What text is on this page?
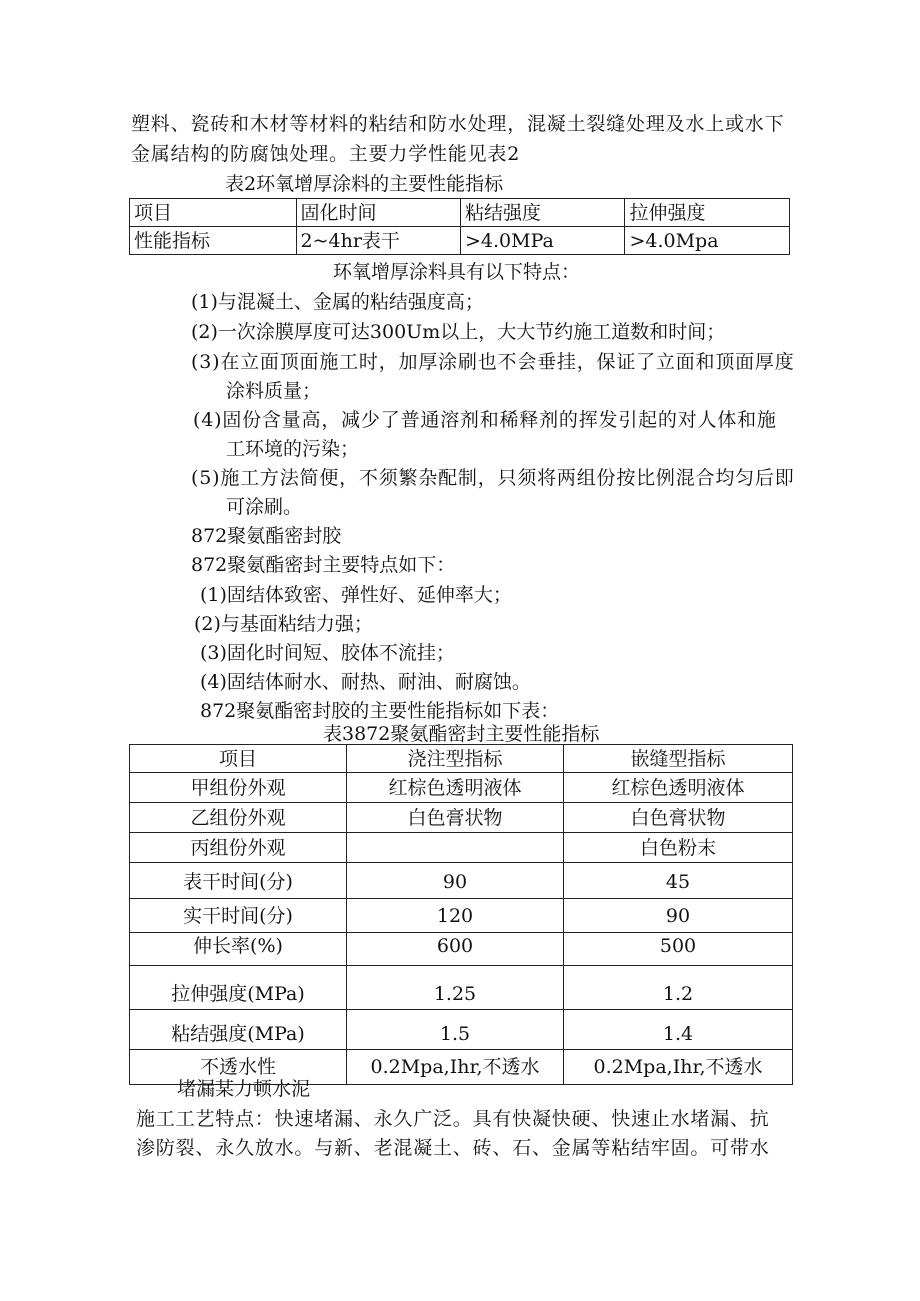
塑料、瓷砖和木材等材料的粘结和防水处理，混凝土裂缝处理及水上或水下
金属结构的防腐蚀处理。主要力学性能见表2
表2环氧增厚涂料的主要性能指标
项目	固化时间	粘结强度	拉伸强度
性能指标	2~4hr表干	>4.0MPa	>4.0Mpa
环氧增厚涂料具有以下特点：
(1)与混凝土、金属的粘结强度高；
(2)一次涂膜厚度可达300Um以上，大大节约施工道数和时间；
(3)在立面顶面施工时，加厚涂刷也不会垂挂，保证了立面和顶面厚度
涂料质量；
(4)固份含量高，减少了普通溶剂和稀释剂的挥发引起的对人体和施
工环境的污染；
(5)施工方法简便，不须繁杂配制，只须将两组份按比例混合均匀后即
可涂刷。
872聚氨酯密封胶
872聚氨酯密封主要特点如下：
(1)固结体致密、弹性好、延伸率大；
(2)与基面粘结力强；
(3)固化时间短、胶体不流挂；
(4)固结体耐水、耐热、耐油、耐腐蚀。
872聚氨酯密封胶的主要性能指标如下表：
表3872聚氨酯密封主要性能指标
项目	浇注型指标	嵌缝型指标
甲组份外观	红棕色透明液体	红棕色透明液体
乙组份外观	白色膏状物	白色膏状物
丙组份外观		白色粉末
表干时间(分)	90	45
实干时间(分)	120	90
伸长率(%)	600	500
拉伸强度(MPa)	1.25	1.2
粘结强度(MPa)	1.5	1.4
不透水性	0.2Mpa,Ihr,不透水	0.2Mpa,Ihr,不透水
堵漏某力顿水泥
施工工艺特点：快速堵漏、永久广泛。具有快凝快硬、快速止水堵漏、抗
渗防裂、永久放水。与新、老混凝土、砖、石、金属等粘结牢固。可带水
